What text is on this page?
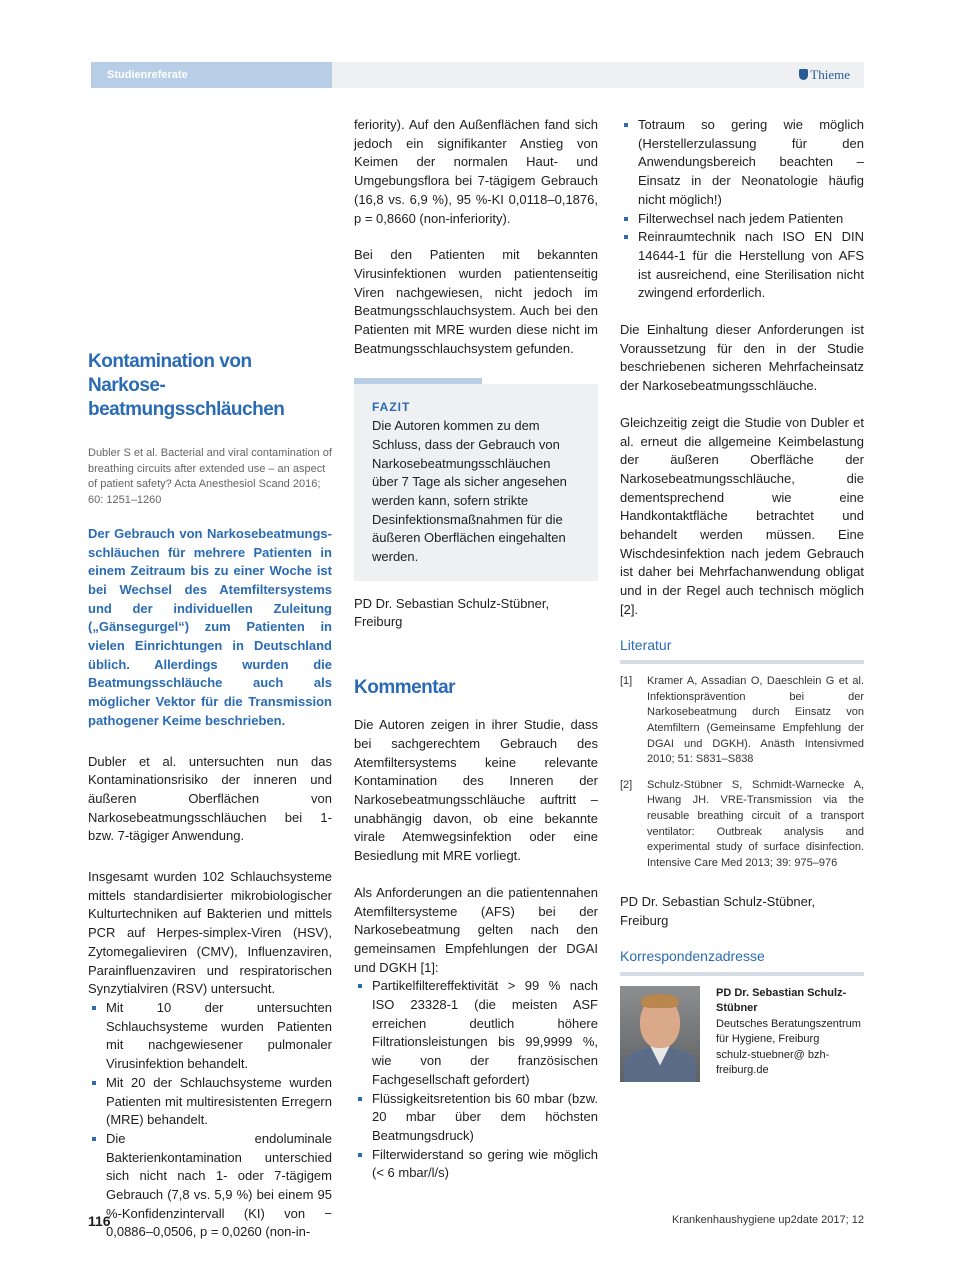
Studienreferate	Thieme
Kontamination von Narkosebeatmungsschläuchen

Dubler S et al. Bacterial and viral contamination of breathing circuits after extended use – an aspect of patient safety? Acta Anesthesiol Scand 2016; 60: 1251–1260

Der Gebrauch von Narkosebeatmungsschläuchen für mehrere Patienten in einem Zeitraum bis zu einer Woche ist bei Wechsel des Atemfiltersystems und der individuellen Zuleitung („Gänsegurgel“) zum Patienten in vielen Einrichtungen in Deutschland üblich. Allerdings wurden die Beatmungsschläuche auch als möglicher Vektor für die Transmission pathogener Keime beschrieben.

Dubler et al. untersuchten nun das Kontaminationsrisiko der inneren und äußeren Oberflächen von Narkosebeatmungsschläuchen bei 1- bzw. 7-tägiger Anwendung.

Insgesamt wurden 102 Schlauchsysteme mittels standardisierter mikrobiologischer Kulturtechniken auf Bakterien und mittels PCR auf Herpes-simplex-Viren (HSV), Zytomegalieviren (CMV), Influenzaviren, Parainfluenzaviren und respiratorischen Synzytialviren (RSV) untersucht.

Mit 10 der untersuchten Schlauchsysteme wurden Patienten mit nachgewiesener pulmonaler Virusinfektion behandelt.
Mit 20 der Schlauchsysteme wurden Patienten mit multiresistenten Erregern (MRE) behandelt.
Die endoluminale Bakterienkontamination unterschied sich nicht nach 1- oder 7-tägigem Gebrauch (7,8 vs. 5,9 %) bei einem 95 %-Konfidenzintervall (KI) von − 0,0886–0,0506, p = 0,0260 (non-in-

feriority). Auf den Außenflächen fand sich jedoch ein signifikanter Anstieg von Keimen der normalen Haut- und Umgebungsflora bei 7-tägigem Gebrauch (16,8 vs. 6,9 %), 95 %-KI 0,0118–0,1876, p = 0,8660 (non-inferiority).

Bei den Patienten mit bekannten Virusinfektionen wurden patientenseitig Viren nachgewiesen, nicht jedoch im Beatmungsschlauchsystem. Auch bei den Patienten mit MRE wurden diese nicht im Beatmungsschlauchsystem gefunden.

FAZIT

Die Autoren kommen zu dem Schluss, dass der Gebrauch von Narkosebeatmungsschläuchen über 7 Tage als sicher angesehen werden kann, sofern strikte Desinfektionsmaßnahmen für die äußeren Oberflächen eingehalten werden.

PD Dr. Sebastian Schulz-Stübner, Freiburg

Kommentar

Die Autoren zeigen in ihrer Studie, dass bei sachgerechtem Gebrauch des Atemfiltersystems keine relevante Kontamination des Inneren der Narkosebeatmungsschläuche auftritt – unabhängig davon, ob eine bekannte virale Atemwegsinfektion oder eine Besiedlung mit MRE vorliegt.

Als Anforderungen an die patientennahen Atemfiltersysteme (AFS) bei der Narkosebeatmung gelten nach den gemeinsamen Empfehlungen der DGAI und DGKH [1]:

Partikelfiltereffektivität > 99 % nach ISO 23328-1 (die meisten ASF erreichen deutlich höhere Filtrationsleistungen bis 99,9999 %, wie von der französischen Fachgesellschaft gefordert)
Flüssigkeitsretention bis 60 mbar (bzw. 20 mbar über dem höchsten Beatmungsdruck)
Filterwiderstand so gering wie möglich (< 6 mbar/l/s)
Totraum so gering wie möglich (Herstellerzulassung für den Anwendungsbereich beachten – Einsatz in der Neonatologie häufig nicht möglich!)
Filterwechsel nach jedem Patienten
Reinraumtechnik nach ISO EN DIN 14644-1 für die Herstellung von AFS ist ausreichend, eine Sterilisation nicht zwingend erforderlich.

Die Einhaltung dieser Anforderungen ist Voraussetzung für den in der Studie beschriebenen sicheren Mehrfacheinsatz der Narkosebeatmungsschläuche.

Gleichzeitig zeigt die Studie von Dubler et al. erneut die allgemeine Keimbelastung der äußeren Oberfläche der Narkosebeatmungsschläuche, die dementsprechend wie eine Handkontaktfläche betrachtet und behandelt werden müssen. Eine Wischdesinfektion nach jedem Gebrauch ist daher bei Mehrfachanwendung obligat und in der Regel auch technisch möglich [2].

Literatur
[1]	Kramer A, Assadian O, Daeschlein G et al. Infektionsprävention bei der Narkosebeatmung durch Einsatz von Atemfiltern (Gemeinsame Empfehlung der DGAI und DGKH). Anästh Intensivmed 2010; 51: S831–S838
[2]	Schulz-Stübner S, Schmidt-Warnecke A, Hwang JH. VRE-Transmission via the reusable breathing circuit of a transport ventilator: Outbreak analysis and experimental study of surface disinfection. Intensive Care Med 2013; 39: 975–976

PD Dr. Sebastian Schulz-Stübner, Freiburg

Korrespondenzadresse
PD Dr. Sebastian Schulz-Stübner
Deutsches Beratungszentrum für Hygiene, Freiburg
schulz-stuebner@ bzh-freiburg.de
116	Krankenhaushygiene up2date 2017; 12
